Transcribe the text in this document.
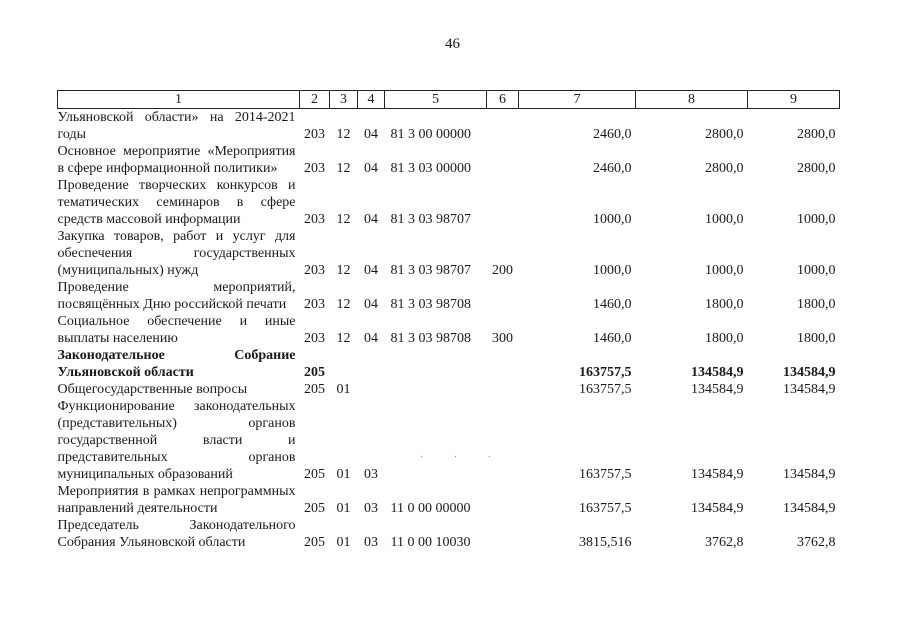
46
1	2	3	4	5	6	7	8	9
Ульяновской области» на 2014-2021 годы	203	12	04	81 3 00 00000		2460,0	2800,0	2800,0
Основное мероприятие «Мероприятия в сфере информационной политики»	203	12	04	81 3 03 00000		2460,0	2800,0	2800,0
Проведение творческих конкурсов и тематических семинаров в сфере средств массовой информации	203	12	04	81 3 03 98707		1000,0	1000,0	1000,0
Закупка товаров, работ и услуг для обеспечения государственных (муниципальных) нужд	203	12	04	81 3 03 98707	200	1000,0	1000,0	1000,0
Проведение мероприятий, посвящённых Дню российской печати	203	12	04	81 3 03 98708		1460,0	1800,0	1800,0
Социальное обеспечение и иные выплаты населению	203	12	04	81 3 03 98708	300	1460,0	1800,0	1800,0
Законодательное Собрание Ульяновской области	205					163757,5	134584,9	134584,9
Общегосударственные вопросы	205	01				163757,5	134584,9	134584,9
Функционирование законодательных (представительных) органов государственной власти и представительных органов муниципальных образований	205	01	03			163757,5	134584,9	134584,9
Мероприятия в рамках непрограммных направлений деятельности	205	01	03	11 0 00 00000		163757,5	134584,9	134584,9
Председатель Законодательного Собрания Ульяновской области	205	01	03	11 0 00 10030		3815,516	3762,8	3762,8
· · ·
